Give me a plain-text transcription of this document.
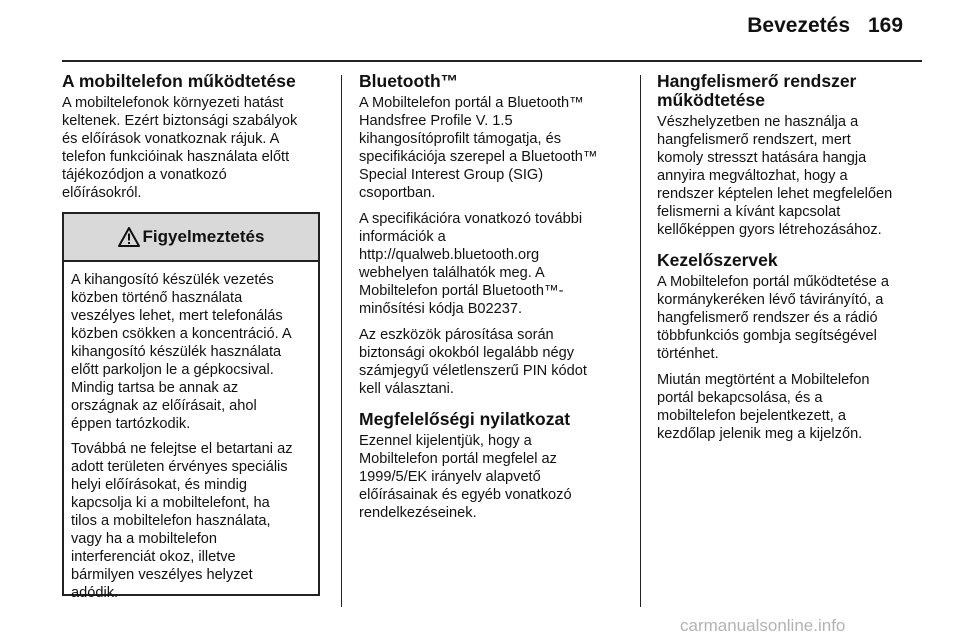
Bevezetés 169
A mobiltelefon működtetése

A mobiltelefonok környezeti hatást
keltenek. Ezért biztonsági szabályok
és előírások vonatkoznak rájuk. A
telefon funkcióinak használata előtt
tájékozódjon a vonatkozó
előírásokról.

Figyelmeztetés

A kihangosító készülék vezetés
közben történő használata
veszélyes lehet, mert telefonálás
közben csökken a koncentráció. A
kihangosító készülék használata
előtt parkoljon le a gépkocsival.
Mindig tartsa be annak az
országnak az előírásait, ahol
éppen tartózkodik.

Továbbá ne felejtse el betartani az
adott területen érvényes speciális
helyi előírásokat, és mindig
kapcsolja ki a mobiltelefont, ha
tilos a mobiltelefon használata,
vagy ha a mobiltelefon
interferenciát okoz, illetve
bármilyen veszélyes helyzet
adódik.

Bluetooth™

A Mobiltelefon portál a Bluetooth™
Handsfree Profile V. 1.5
kihangosítóprofilt támogatja, és
specifikációja szerepel a Bluetooth™
Special Interest Group (SIG)
csoportban.

A specifikációra vonatkozó további
információk a
http://qualweb.bluetooth.org
webhelyen találhatók meg. A
Mobiltelefon portál Bluetooth™-
minősítési kódja B02237.

Az eszközök párosítása során
biztonsági okokból legalább négy
számjegyű véletlenszerű PIN kódot
kell választani.

Megfelelőségi nyilatkozat

Ezennel kijelentjük, hogy a
Mobiltelefon portál megfelel az
1999/5/EK irányelv alapvető
előírásainak és egyéb vonatkozó
rendelkezéseinek.

Hangfelismerő rendszer
működtetése

Vészhelyzetben ne használja a
hangfelismerő rendszert, mert
komoly stresszt hatására hangja
annyira megváltozhat, hogy a
rendszer képtelen lehet megfelelően
felismerni a kívánt kapcsolat
kellőképpen gyors létrehozásához.

Kezelőszervek

A Mobiltelefon portál működtetése a
kormánykeréken lévő távirányító, a
hangfelismerő rendszer és a rádió
többfunkciós gombja segítségével
történhet.

Miután megtörtént a Mobiltelefon
portál bekapcsolása, és a
mobiltelefon bejelentkezett, a
kezdőlap jelenik meg a kijelzőn.

carmanualsonline.info
